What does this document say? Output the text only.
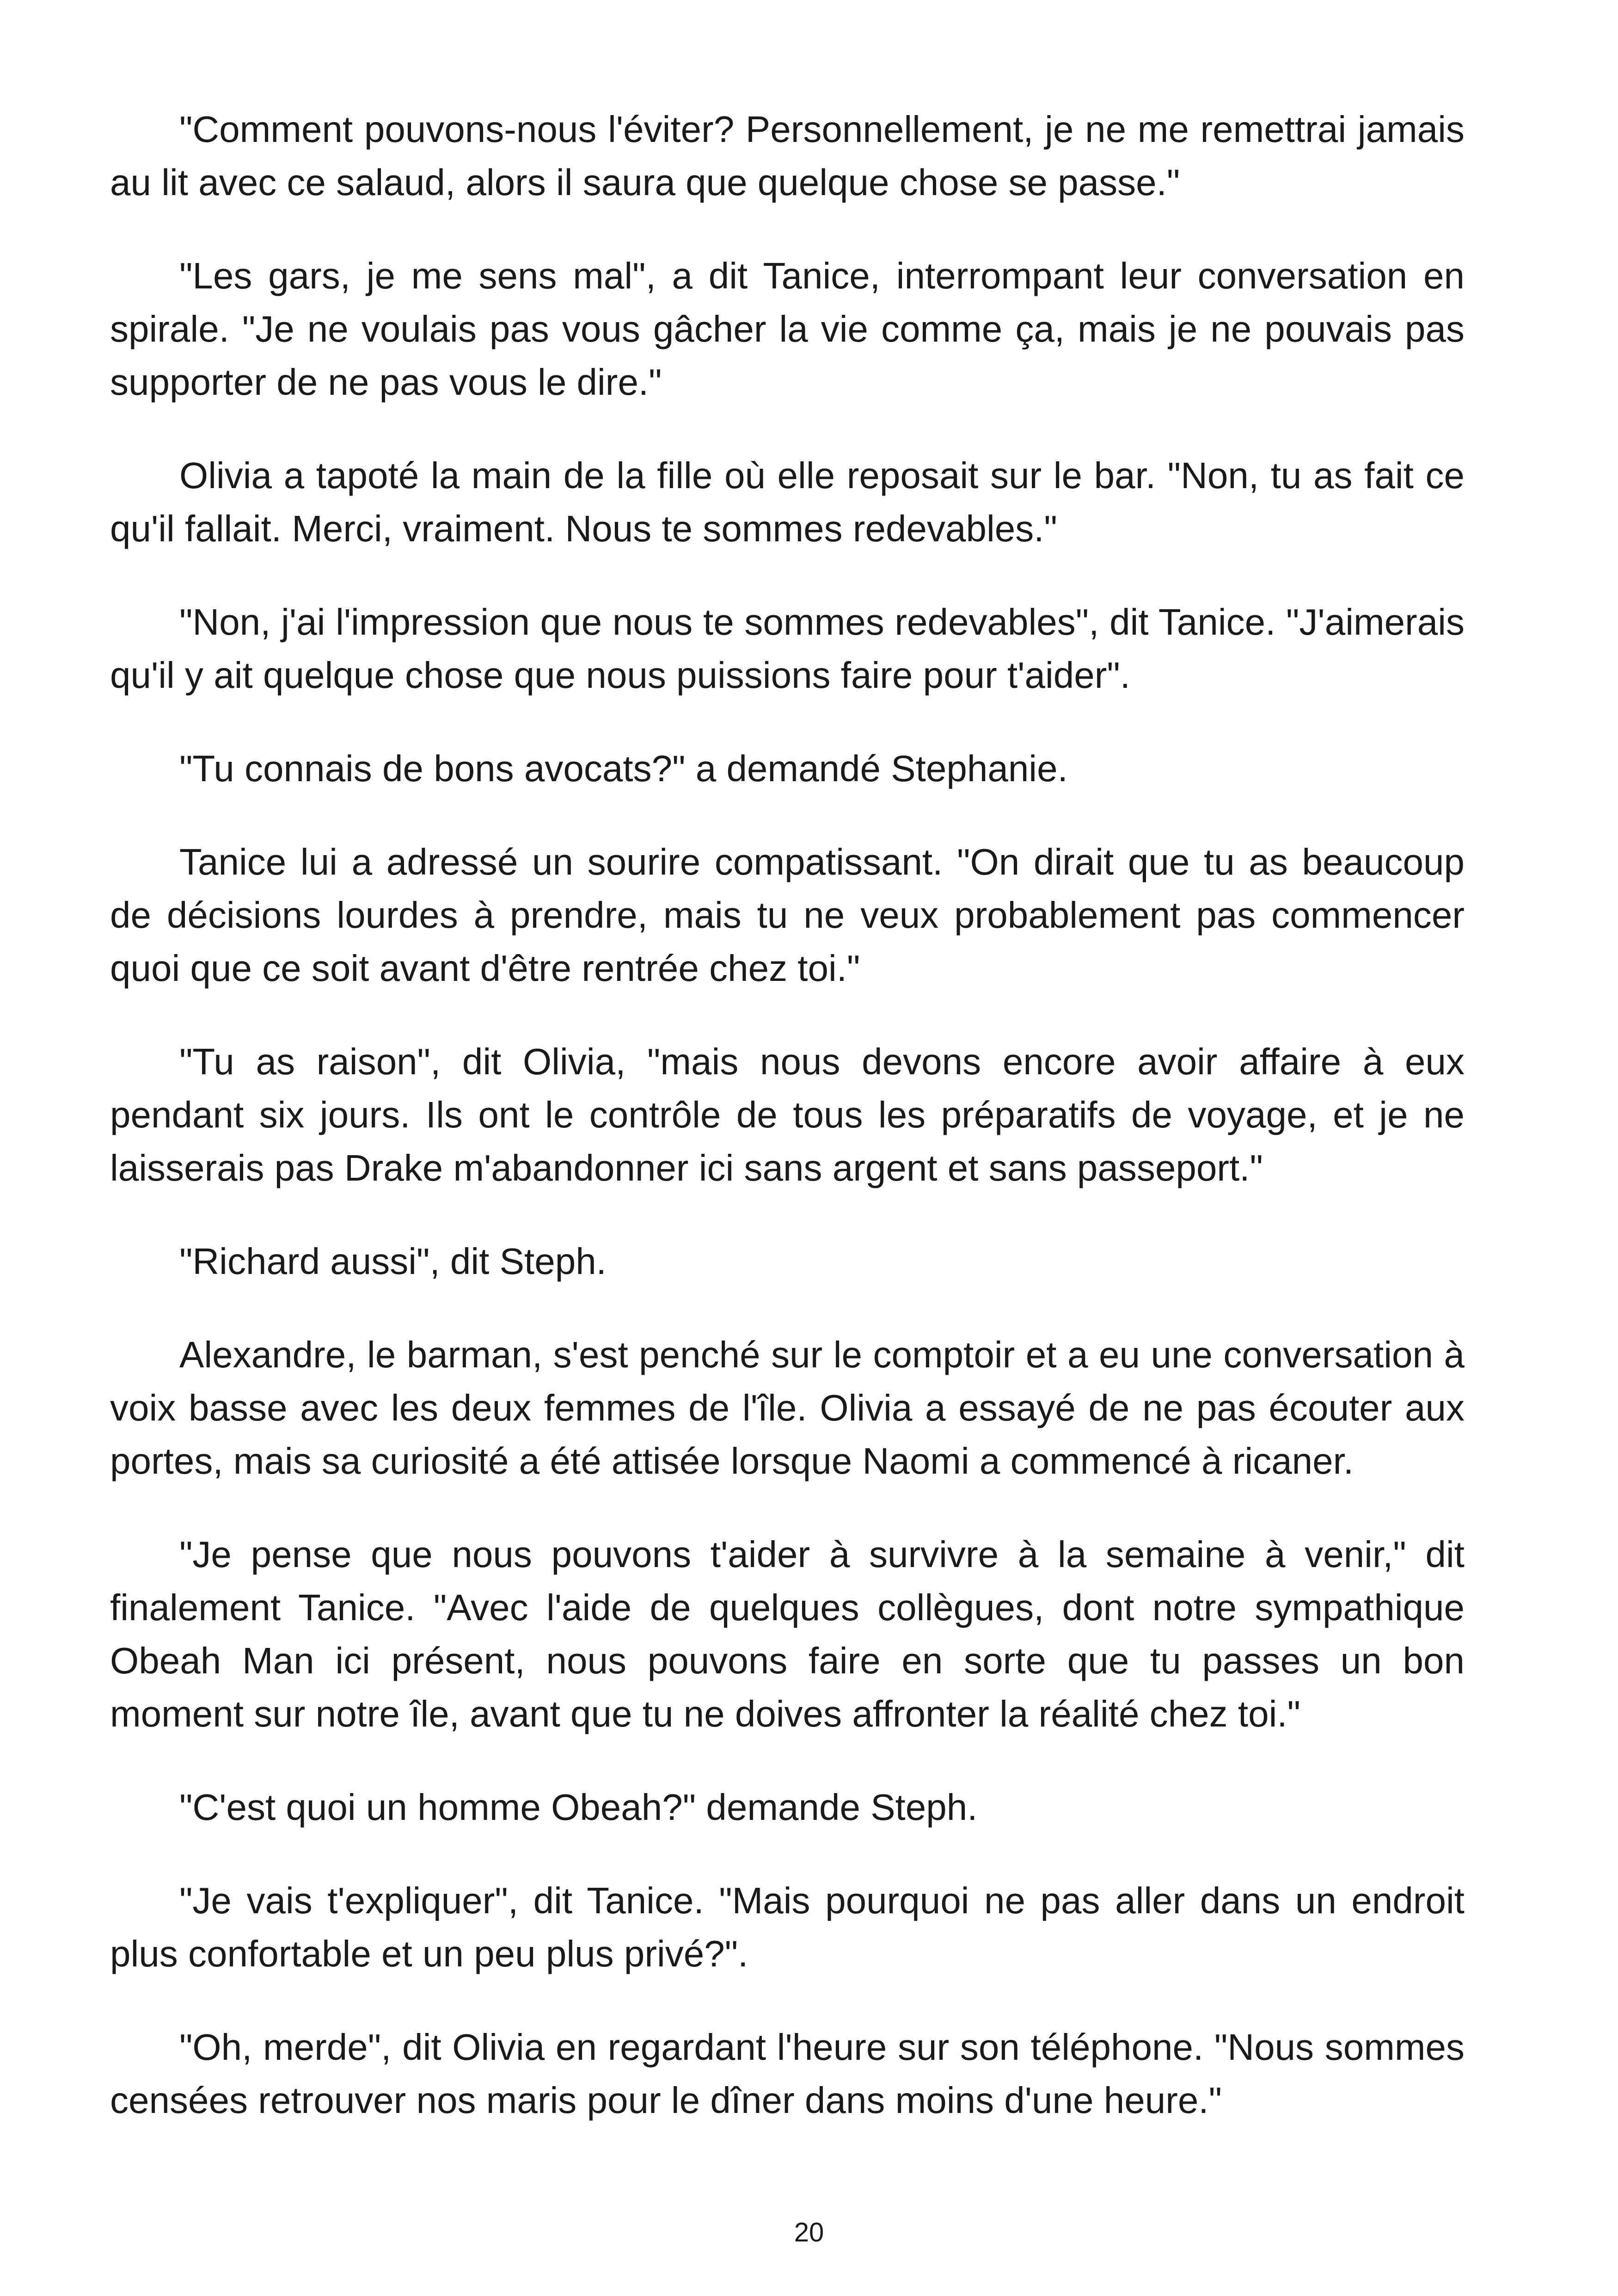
"Comment pouvons-nous l'éviter? Personnellement, je ne me remettrai jamais au lit avec ce salaud, alors il saura que quelque chose se passe."

"Les gars, je me sens mal", a dit Tanice, interrompant leur conversation en spirale. "Je ne voulais pas vous gâcher la vie comme ça, mais je ne pouvais pas supporter de ne pas vous le dire."

Olivia a tapoté la main de la fille où elle reposait sur le bar. "Non, tu as fait ce qu'il fallait. Merci, vraiment. Nous te sommes redevables."

"Non, j'ai l'impression que nous te sommes redevables", dit Tanice. "J'aimerais qu'il y ait quelque chose que nous puissions faire pour t'aider".

"Tu connais de bons avocats?" a demandé Stephanie.

Tanice lui a adressé un sourire compatissant. "On dirait que tu as beaucoup de décisions lourdes à prendre, mais tu ne veux probablement pas commencer quoi que ce soit avant d'être rentrée chez toi."

"Tu as raison", dit Olivia, "mais nous devons encore avoir affaire à eux pendant six jours. Ils ont le contrôle de tous les préparatifs de voyage, et je ne laisserais pas Drake m'abandonner ici sans argent et sans passeport."

"Richard aussi", dit Steph.

Alexandre, le barman, s'est penché sur le comptoir et a eu une conversation à voix basse avec les deux femmes de l'île. Olivia a essayé de ne pas écouter aux portes, mais sa curiosité a été attisée lorsque Naomi a commencé à ricaner.

"Je pense que nous pouvons t'aider à survivre à la semaine à venir," dit finalement Tanice. "Avec l'aide de quelques collègues, dont notre sympathique Obeah Man ici présent, nous pouvons faire en sorte que tu passes un bon moment sur notre île, avant que tu ne doives affronter la réalité chez toi."

"C'est quoi un homme Obeah?" demande Steph.

"Je vais t'expliquer", dit Tanice. "Mais pourquoi ne pas aller dans un endroit plus confortable et un peu plus privé?".

"Oh, merde", dit Olivia en regardant l'heure sur son téléphone. "Nous sommes censées retrouver nos maris pour le dîner dans moins d'une heure."

20
